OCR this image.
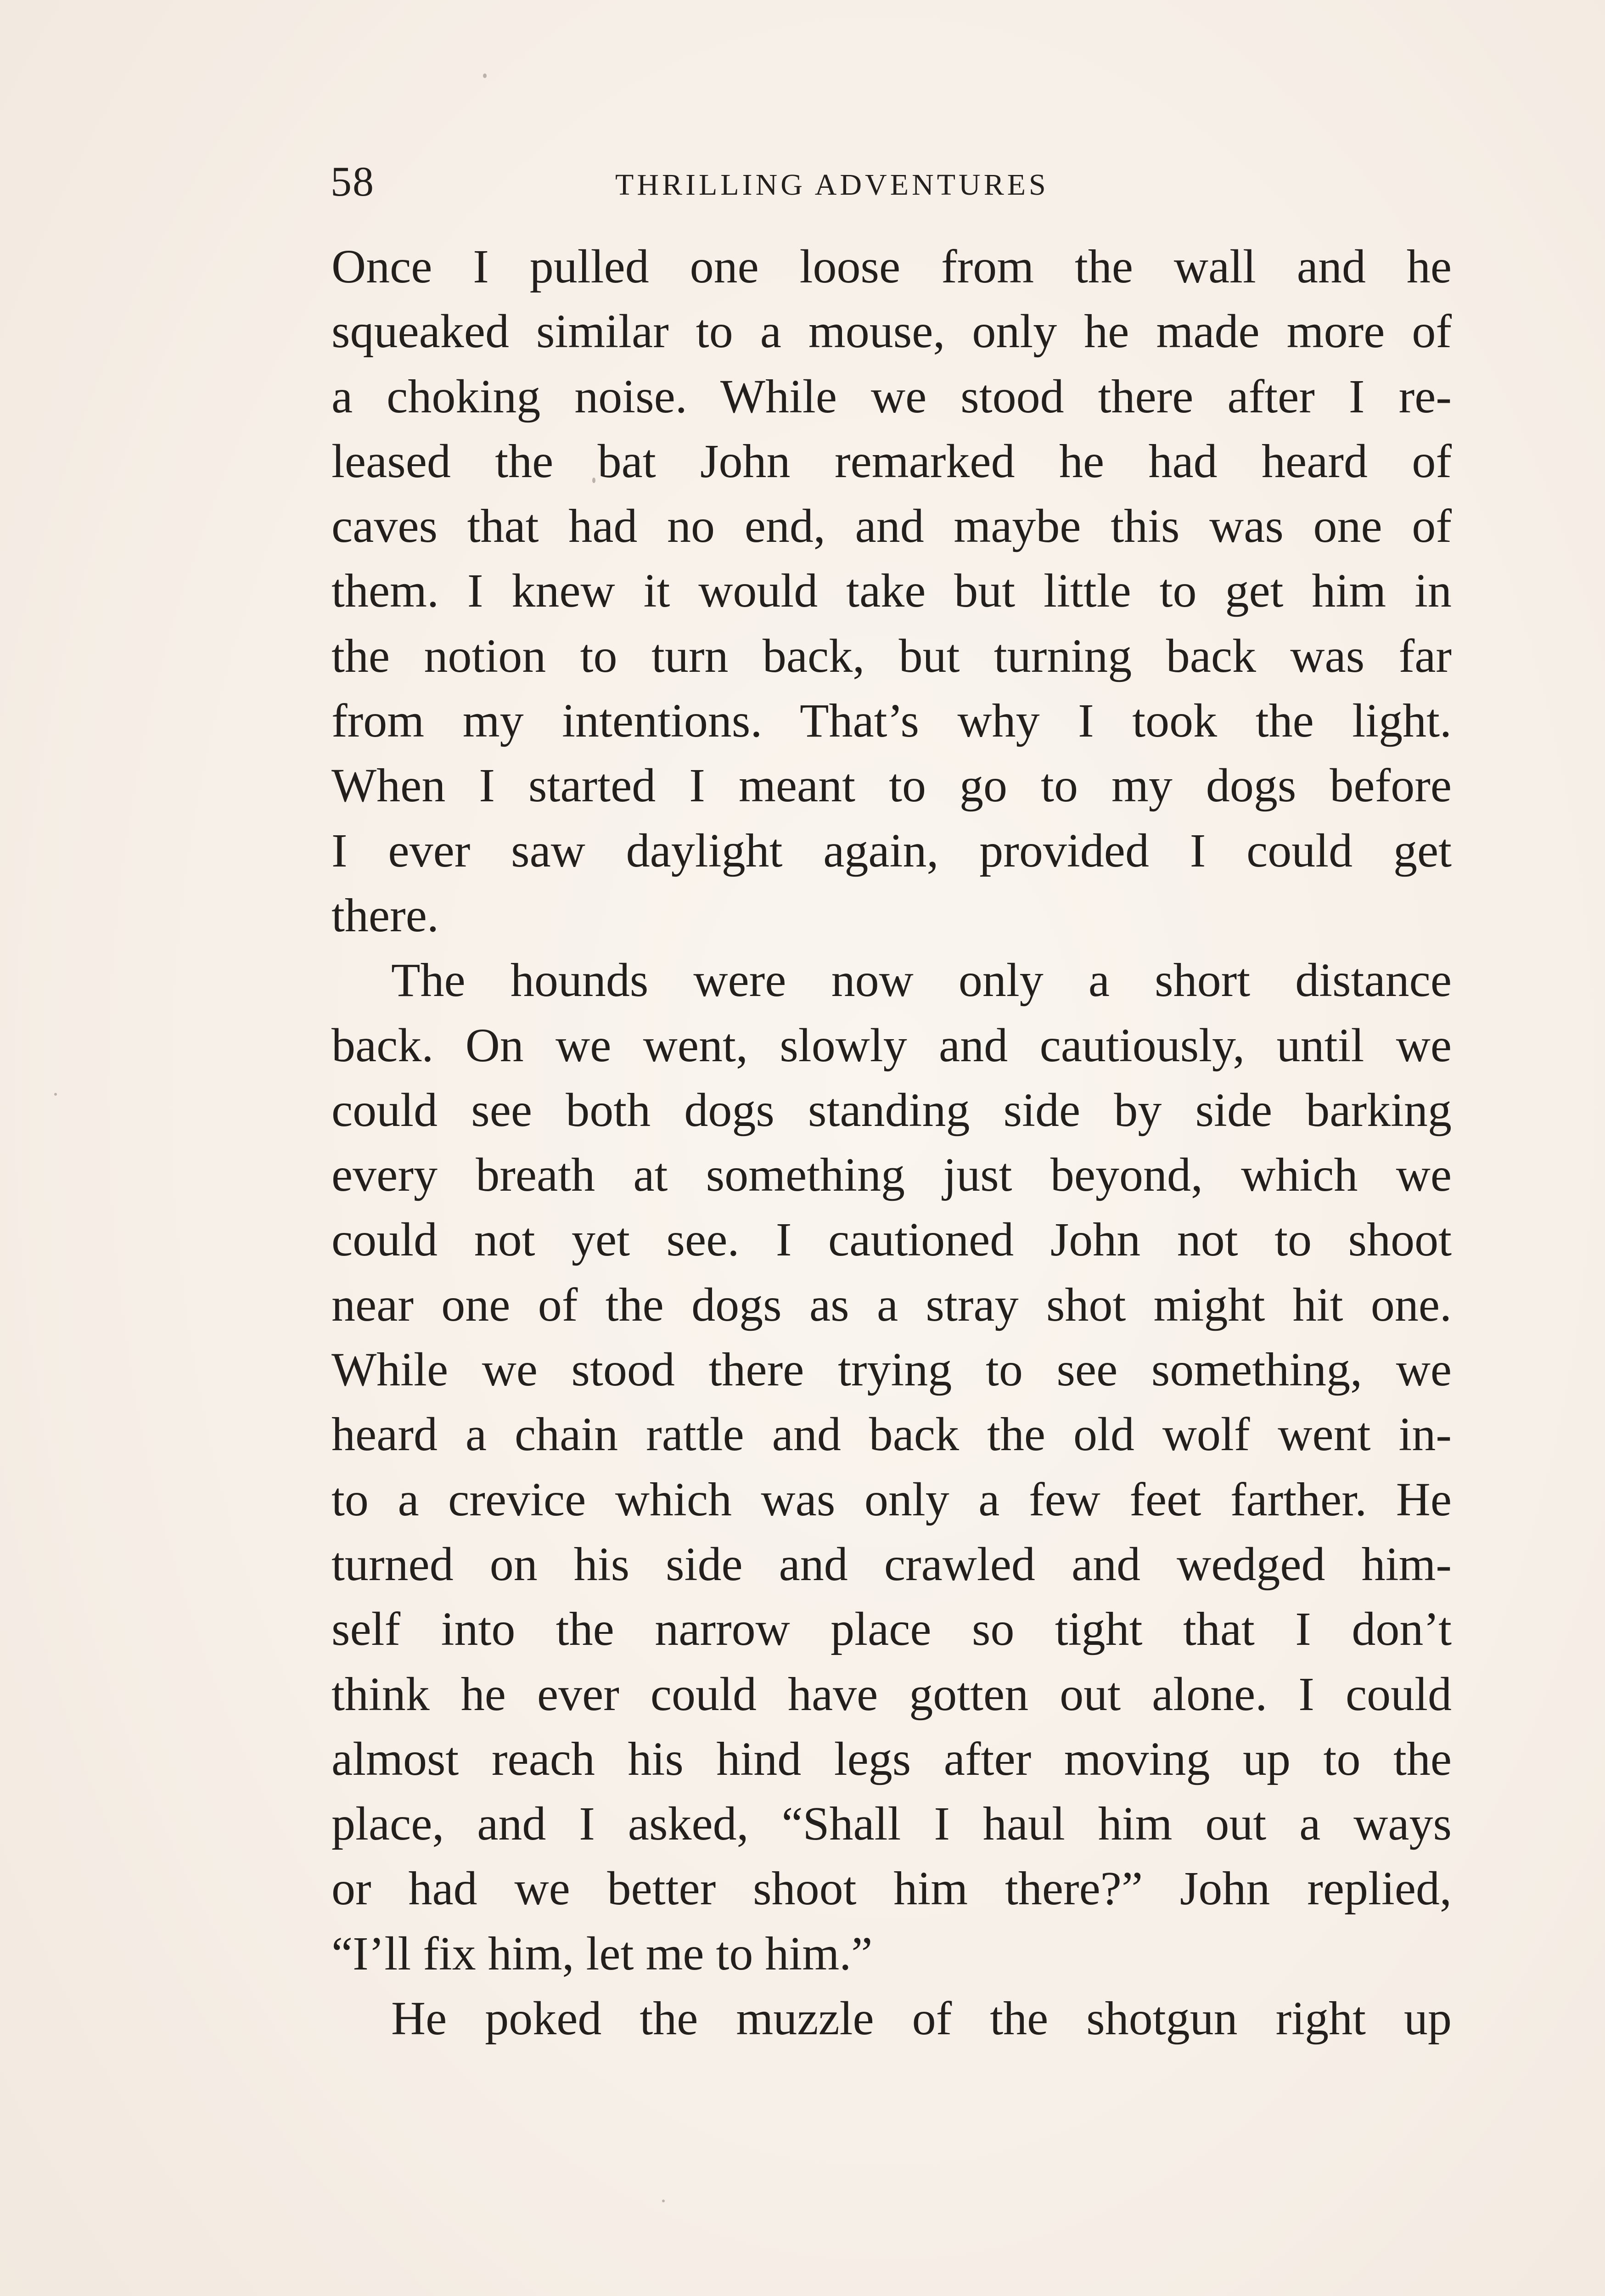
58	THRILLING ADVENTURES
Once I pulled one loose from the wall and he
squeaked similar to a mouse, only he made more of
a choking noise. While we stood there after I re-
leased the bat John remarked he had heard of
caves that had no end, and maybe this was one of
them. I knew it would take but little to get him in
the notion to turn back, but turning back was far
from my intentions. That’s why I took the light.
When I started I meant to go to my dogs before
I ever saw daylight again, provided I could get
there.
The hounds were now only a short distance
back. On we went, slowly and cautiously, until we
could see both dogs standing side by side barking
every breath at something just beyond, which we
could not yet see. I cautioned John not to shoot
near one of the dogs as a stray shot might hit one.
While we stood there trying to see something, we
heard a chain rattle and back the old wolf went in-
to a crevice which was only a few feet farther. He
turned on his side and crawled and wedged him-
self into the narrow place so tight that I don’t
think he ever could have gotten out alone. I could
almost reach his hind legs after moving up to the
place, and I asked, “Shall I haul him out a ways
or had we better shoot him there?” John replied,
“I’ll fix him, let me to him.”
He poked the muzzle of the shotgun right up
